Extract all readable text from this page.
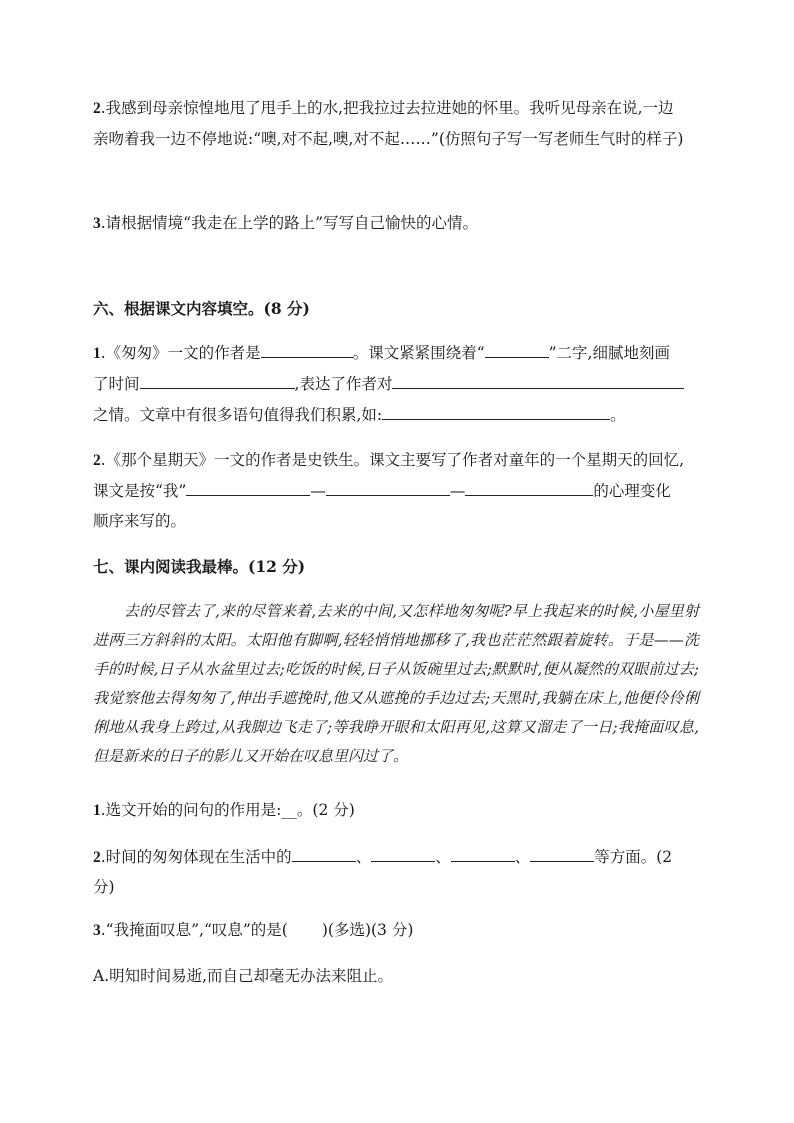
2.我感到母亲惊惶地甩了甩手上的水,把我拉过去拉进她的怀里。我听见母亲在说,一边
亲吻着我一边不停地说:“噢,对不起,噢,对不起……”(仿照句子写一写老师生气时的样子)
3.请根据情境“我走在上学的路上”写写自己愉快的心情。
六、根据课文内容填空。(8 分)
1.《匆匆》一文的作者是	。课文紧紧围绕着“	”二字,细腻地刻画
了时间	,表达了作者对
之情。文章中有很多语句值得我们积累,如:	。
2.《那个星期天》一文的作者是史铁生。课文主要写了作者对童年的一个星期天的回忆,
课文是按“我”	—	—	的心理变化
顺序来写的。
七、课内阅读我最棒。(12 分)
去的尽管去了,来的尽管来着,去来的中间,又怎样地匆匆呢?早上我起来的时候,小屋里射进两三方斜斜的太阳。太阳他有脚啊,轻轻悄悄地挪移了,我也茫茫然跟着旋转。于是——洗手的时候,日子从水盆里过去;吃饭的时候,日子从饭碗里过去;默默时,便从凝然的双眼前过去;我觉察他去得匆匆了,伸出手遮挽时,他又从遮挽的手边过去;天黑时,我躺在床上,他便伶伶俐俐地从我身上跨过,从我脚边飞走了;等我睁开眼和太阳再见,这算又溜走了一日;我掩面叹息,但是新来的日子的影儿又开始在叹息里闪过了。
1.选文开始的问句的作用是:__。(2 分)
2.时间的匆匆体现在生活中的	、	、	、	等方面。(2
分)
3.“我掩面叹息”,“叹息”的是( )(多选)(3 分)
A.明知时间易逝,而自己却毫无办法来阻止。
